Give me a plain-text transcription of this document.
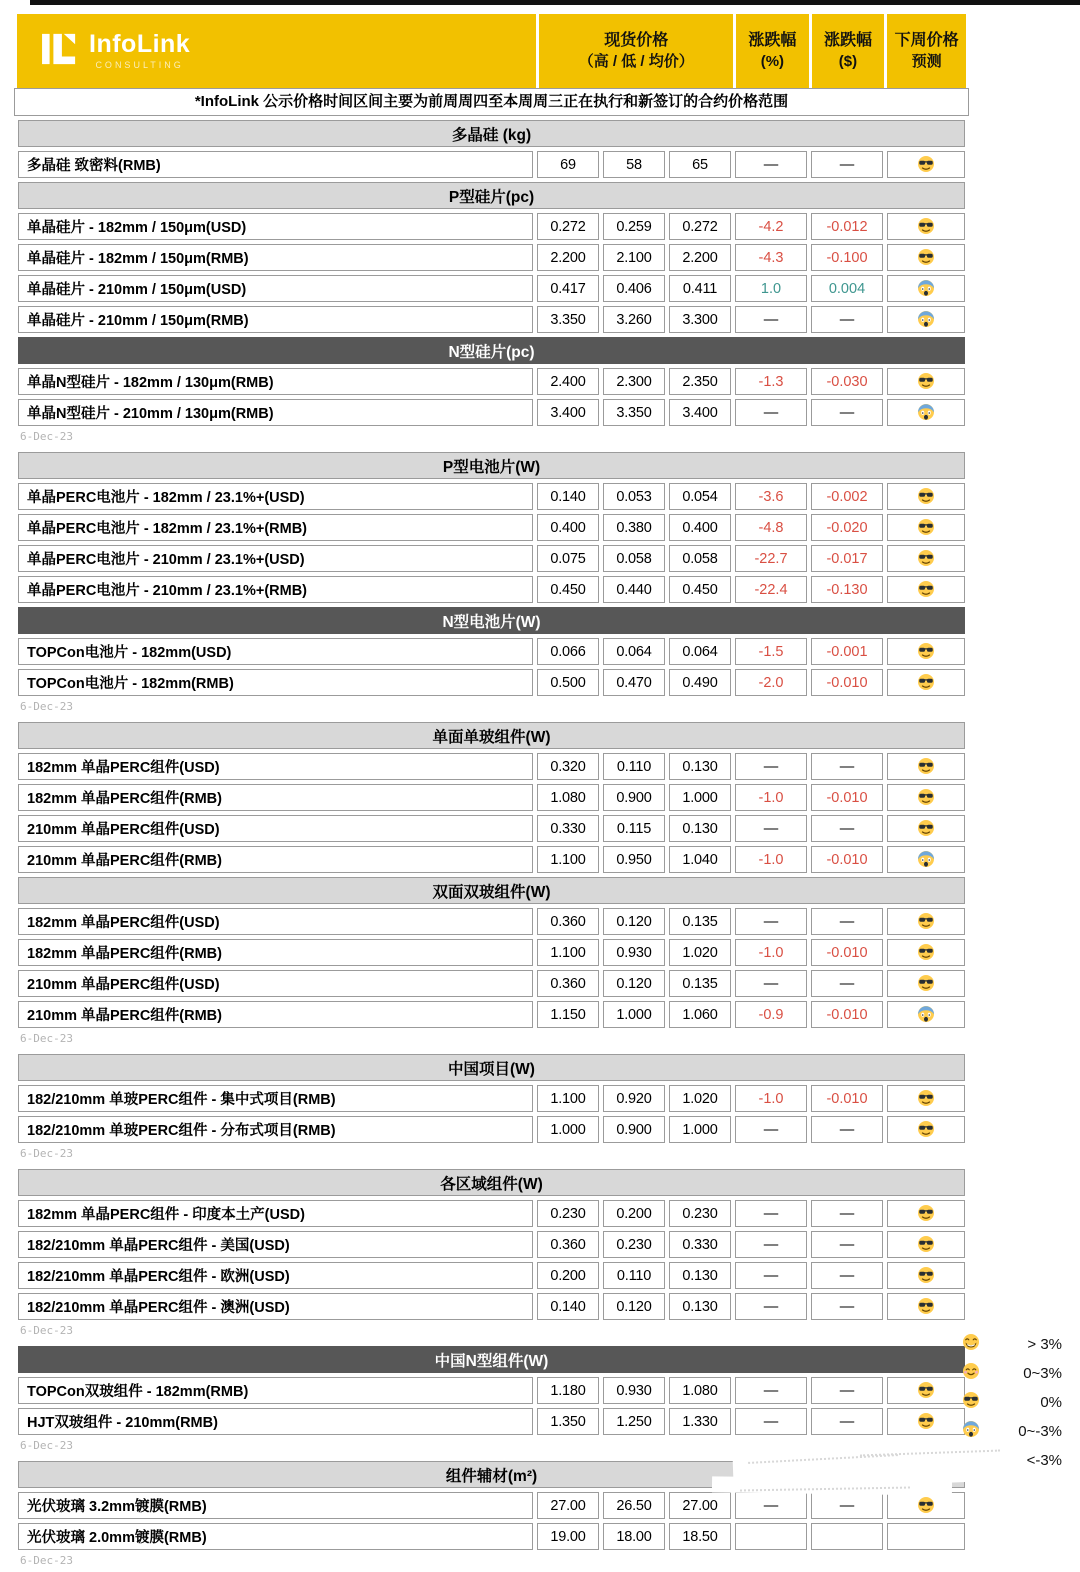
InfoLink
CONSULTING

现货价格
（高 / 低 / 均价）

涨跌幅
(%)

涨跌幅
($)

下周价格
预测
*InfoLink 公示价格时间区间主要为前周周四至本周周三正在执行和新签订的合约价格范围
多晶硅 (kg)						
多晶硅 致密料(RMB)	69	58	65	—	—	
P型硅片(pc)						
单晶硅片 - 182mm / 150μm(USD)	0.272	0.259	0.272	-4.2	-0.012	
单晶硅片 - 182mm / 150μm(RMB)	2.200	2.100	2.200	-4.3	-0.100	
单晶硅片 - 210mm / 150μm(USD)	0.417	0.406	0.411	1.0	0.004	
单晶硅片 - 210mm / 150μm(RMB)	3.350	3.260	3.300	—	—	
N型硅片(pc)						
单晶N型硅片 - 182mm / 130μm(RMB)	2.400	2.300	2.350	-1.3	-0.030	
单晶N型硅片 - 210mm / 130μm(RMB)	3.400	3.350	3.400	—	—	
6-Dec-23
P型电池片(W)						
单晶PERC电池片 - 182mm / 23.1%+(USD)	0.140	0.053	0.054	-3.6	-0.002	
单晶PERC电池片 - 182mm / 23.1%+(RMB)	0.400	0.380	0.400	-4.8	-0.020	
单晶PERC电池片 - 210mm / 23.1%+(USD)	0.075	0.058	0.058	-22.7	-0.017	
单晶PERC电池片 - 210mm / 23.1%+(RMB)	0.450	0.440	0.450	-22.4	-0.130	
N型电池片(W)						
TOPCon电池片 - 182mm(USD)	0.066	0.064	0.064	-1.5	-0.001	
TOPCon电池片 - 182mm(RMB)	0.500	0.470	0.490	-2.0	-0.010	
6-Dec-23
单面单玻组件(W)						
182mm 单晶PERC组件(USD)	0.320	0.110	0.130	—	—	
182mm 单晶PERC组件(RMB)	1.080	0.900	1.000	-1.0	-0.010	
210mm 单晶PERC组件(USD)	0.330	0.115	0.130	—	—	
210mm 单晶PERC组件(RMB)	1.100	0.950	1.040	-1.0	-0.010	
双面双玻组件(W)						
182mm 单晶PERC组件(USD)	0.360	0.120	0.135	—	—	
182mm 单晶PERC组件(RMB)	1.100	0.930	1.020	-1.0	-0.010	
210mm 单晶PERC组件(USD)	0.360	0.120	0.135	—	—	
210mm 单晶PERC组件(RMB)	1.150	1.000	1.060	-0.9	-0.010	
6-Dec-23
中国项目(W)						
182/210mm 单玻PERC组件 - 集中式项目(RMB)	1.100	0.920	1.020	-1.0	-0.010	
182/210mm 单玻PERC组件 - 分布式项目(RMB)	1.000	0.900	1.000	—	—	
6-Dec-23
各区域组件(W)						
182mm 单晶PERC组件 - 印度本土产(USD)	0.230	0.200	0.230	—	—	
182/210mm 单晶PERC组件 - 美国(USD)	0.360	0.230	0.330	—	—	
182/210mm 单晶PERC组件 - 欧洲(USD)	0.200	0.110	0.130	—	—	
182/210mm 单晶PERC组件 - 澳洲(USD)	0.140	0.120	0.130	—	—	
6-Dec-23
中国N型组件(W)						
TOPCon双玻组件 - 182mm(RMB)	1.180	0.930	1.080	—	—	
HJT双玻组件 - 210mm(RMB)	1.350	1.250	1.330	—	—	
6-Dec-23
组件辅材(m²)						
光伏玻璃 3.2mm镀膜(RMB)	27.00	26.50	27.00	—	—	
光伏玻璃 2.0mm镀膜(RMB)	19.00	18.00	18.50			
6-Dec-23
> 3%
0~3%
0%
0~-3%
<-3%
